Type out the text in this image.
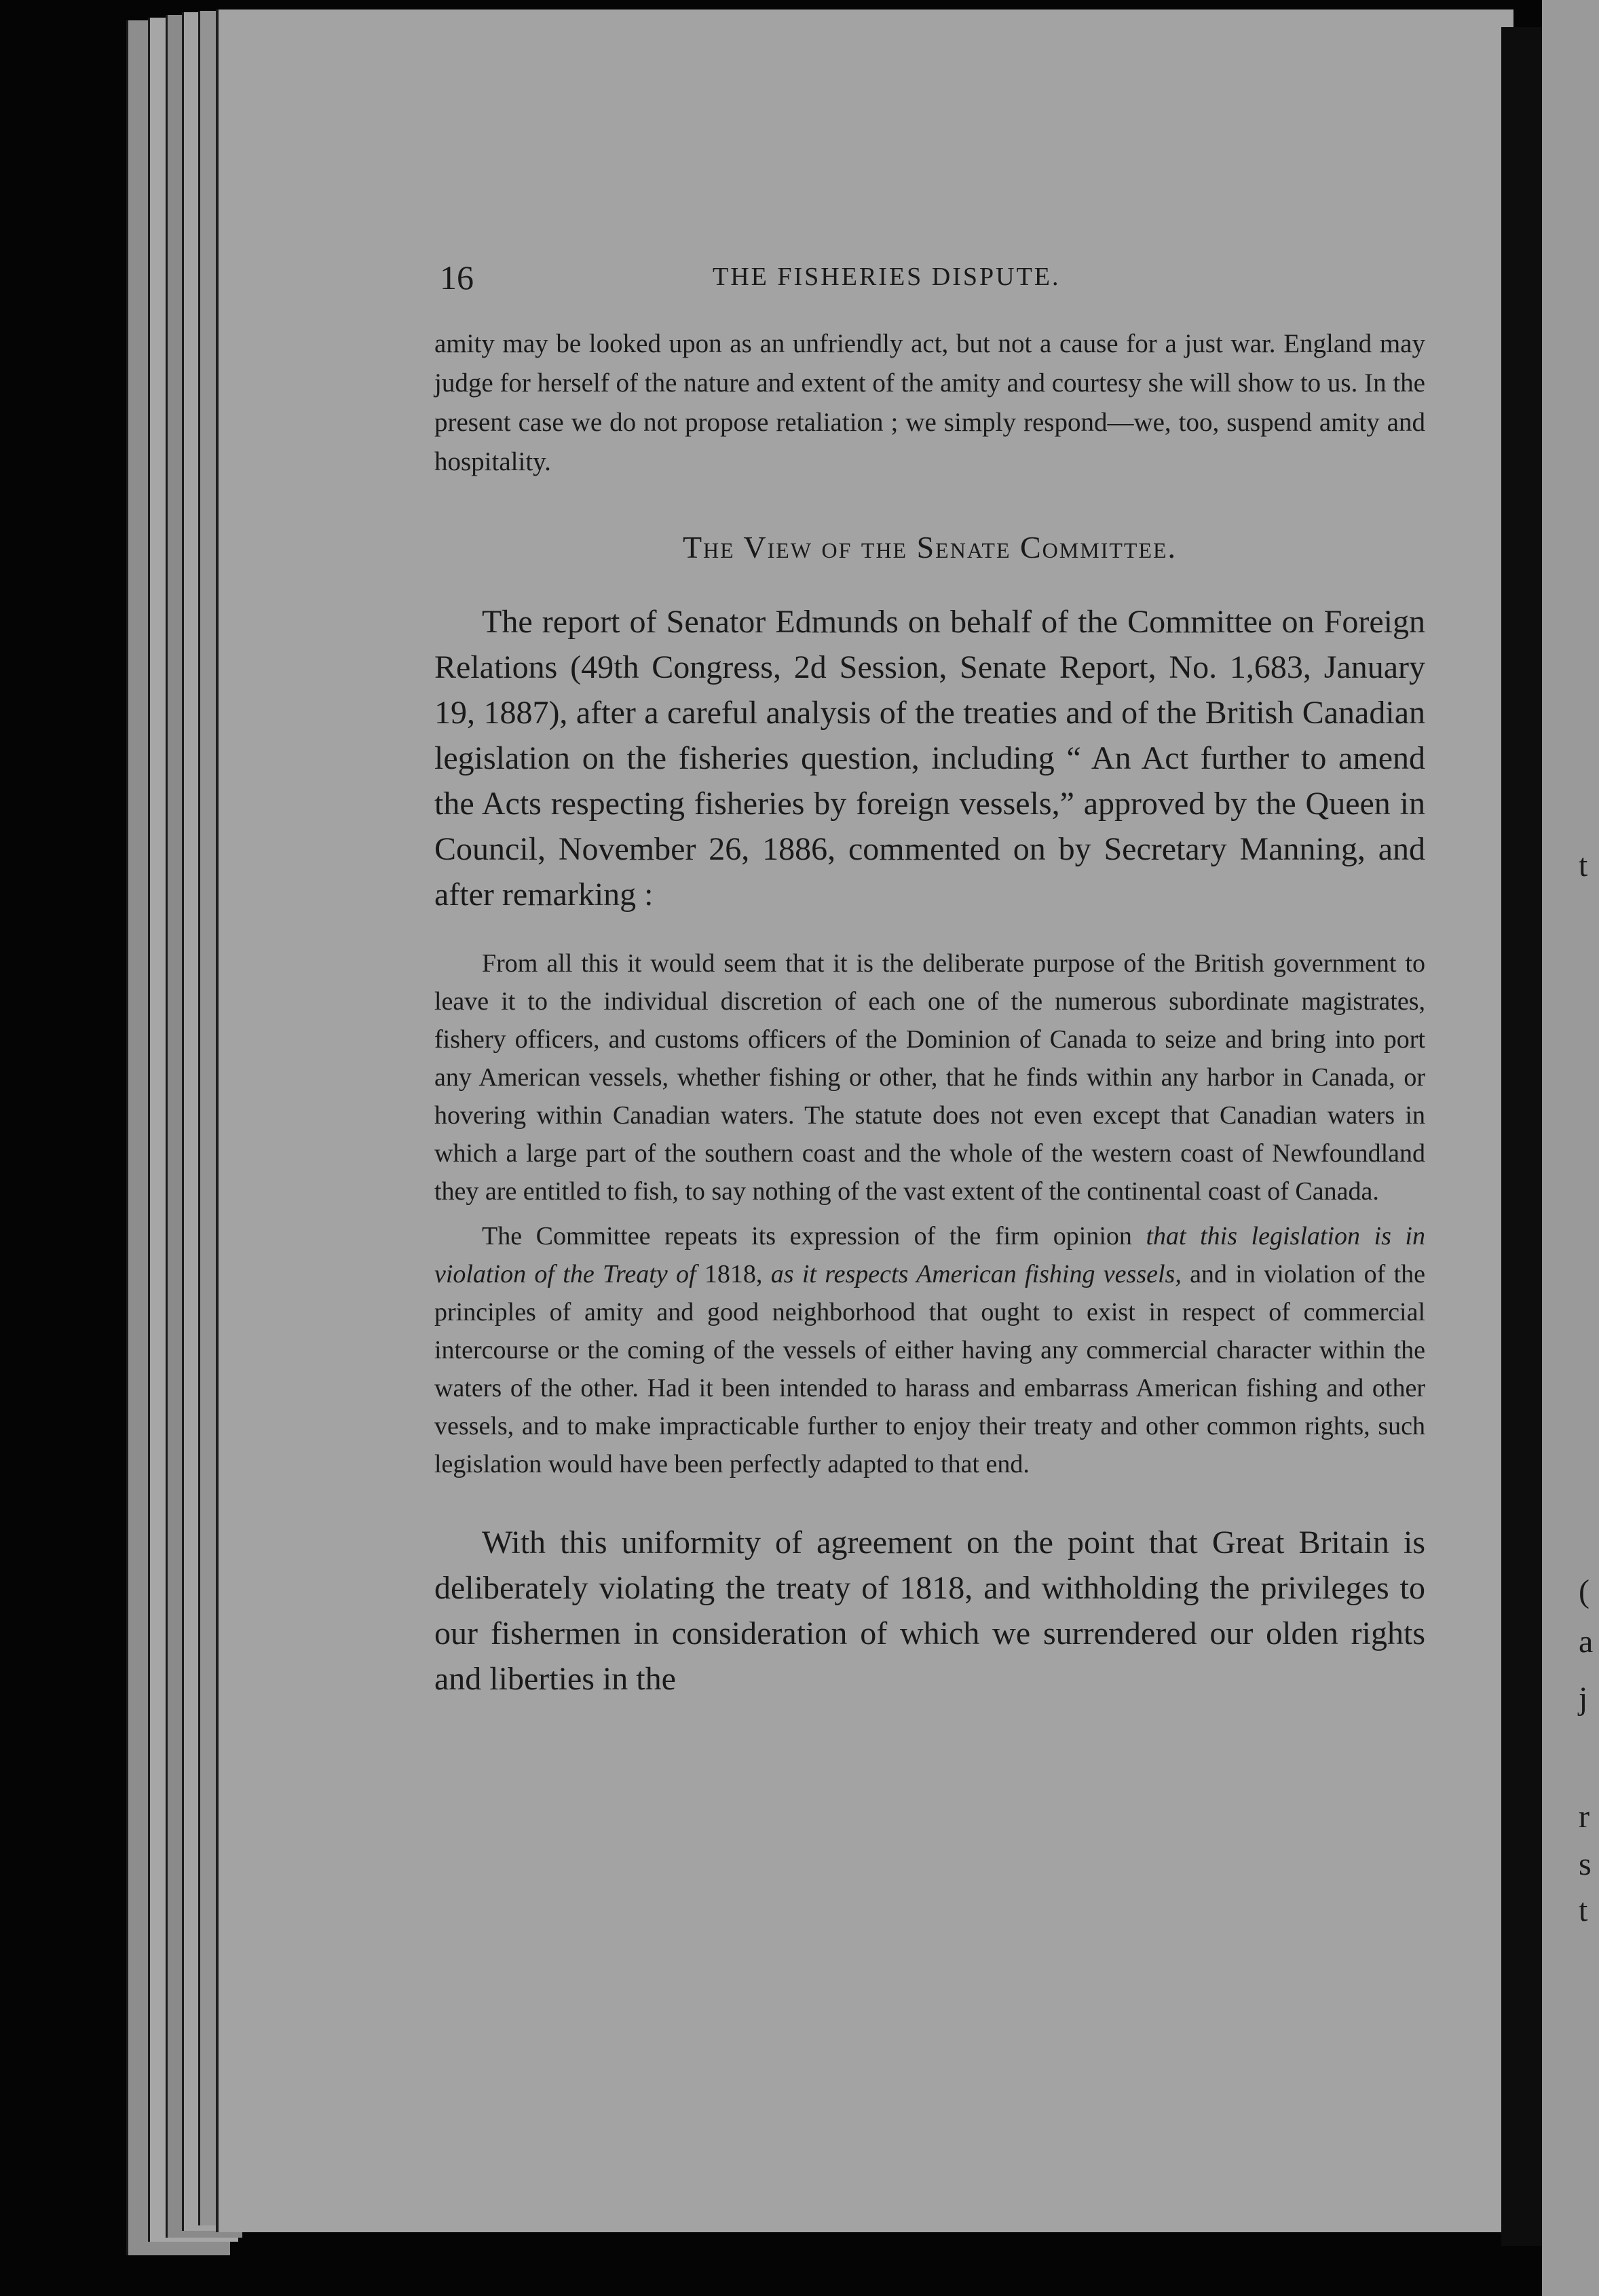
t
(
a
j
r
s
t
16	THE FISHERIES DISPUTE.

amity may be looked upon as an unfriendly act, but not a cause for a just war. England may judge for herself of the nature and extent of the amity and courtesy she will show to us. In the present case we do not propose retaliation ; we simply respond—we, too, suspend amity and hospitality.

The View of the Senate Committee.

The report of Senator Edmunds on behalf of the Committee on Foreign Relations (49th Congress, 2d Session, Senate Report, No. 1,683, January 19, 1887), after a careful analysis of the treaties and of the British Canadian legislation on the fisheries question, including “ An Act further to amend the Acts respecting fisheries by foreign vessels,” approved by the Queen in Council, November 26, 1886, commented on by Secretary Manning, and after remarking :

From all this it would seem that it is the deliberate purpose of the British government to leave it to the individual discretion of each one of the numerous subordinate magistrates, fishery officers, and customs officers of the Dominion of Canada to seize and bring into port any American vessels, whether fishing or other, that he finds within any harbor in Canada, or hovering within Canadian waters. The statute does not even except that Canadian waters in which a large part of the southern coast and the whole of the western coast of Newfoundland they are entitled to fish, to say nothing of the vast extent of the continental coast of Canada.

The Committee repeats its expression of the firm opinion that this legislation is in violation of the Treaty of 1818, as it respects American fishing vessels, and in violation of the principles of amity and good neighborhood that ought to exist in respect of commercial intercourse or the coming of the vessels of either having any commercial character within the waters of the other. Had it been intended to harass and embarrass American fishing and other vessels, and to make impracticable further to enjoy their treaty and other common rights, such legislation would have been perfectly adapted to that end.

With this uniformity of agreement on the point that Great Britain is deliberately violating the treaty of 1818, and withholding the privileges to our fishermen in consideration of which we surrendered our olden rights and liberties in the
